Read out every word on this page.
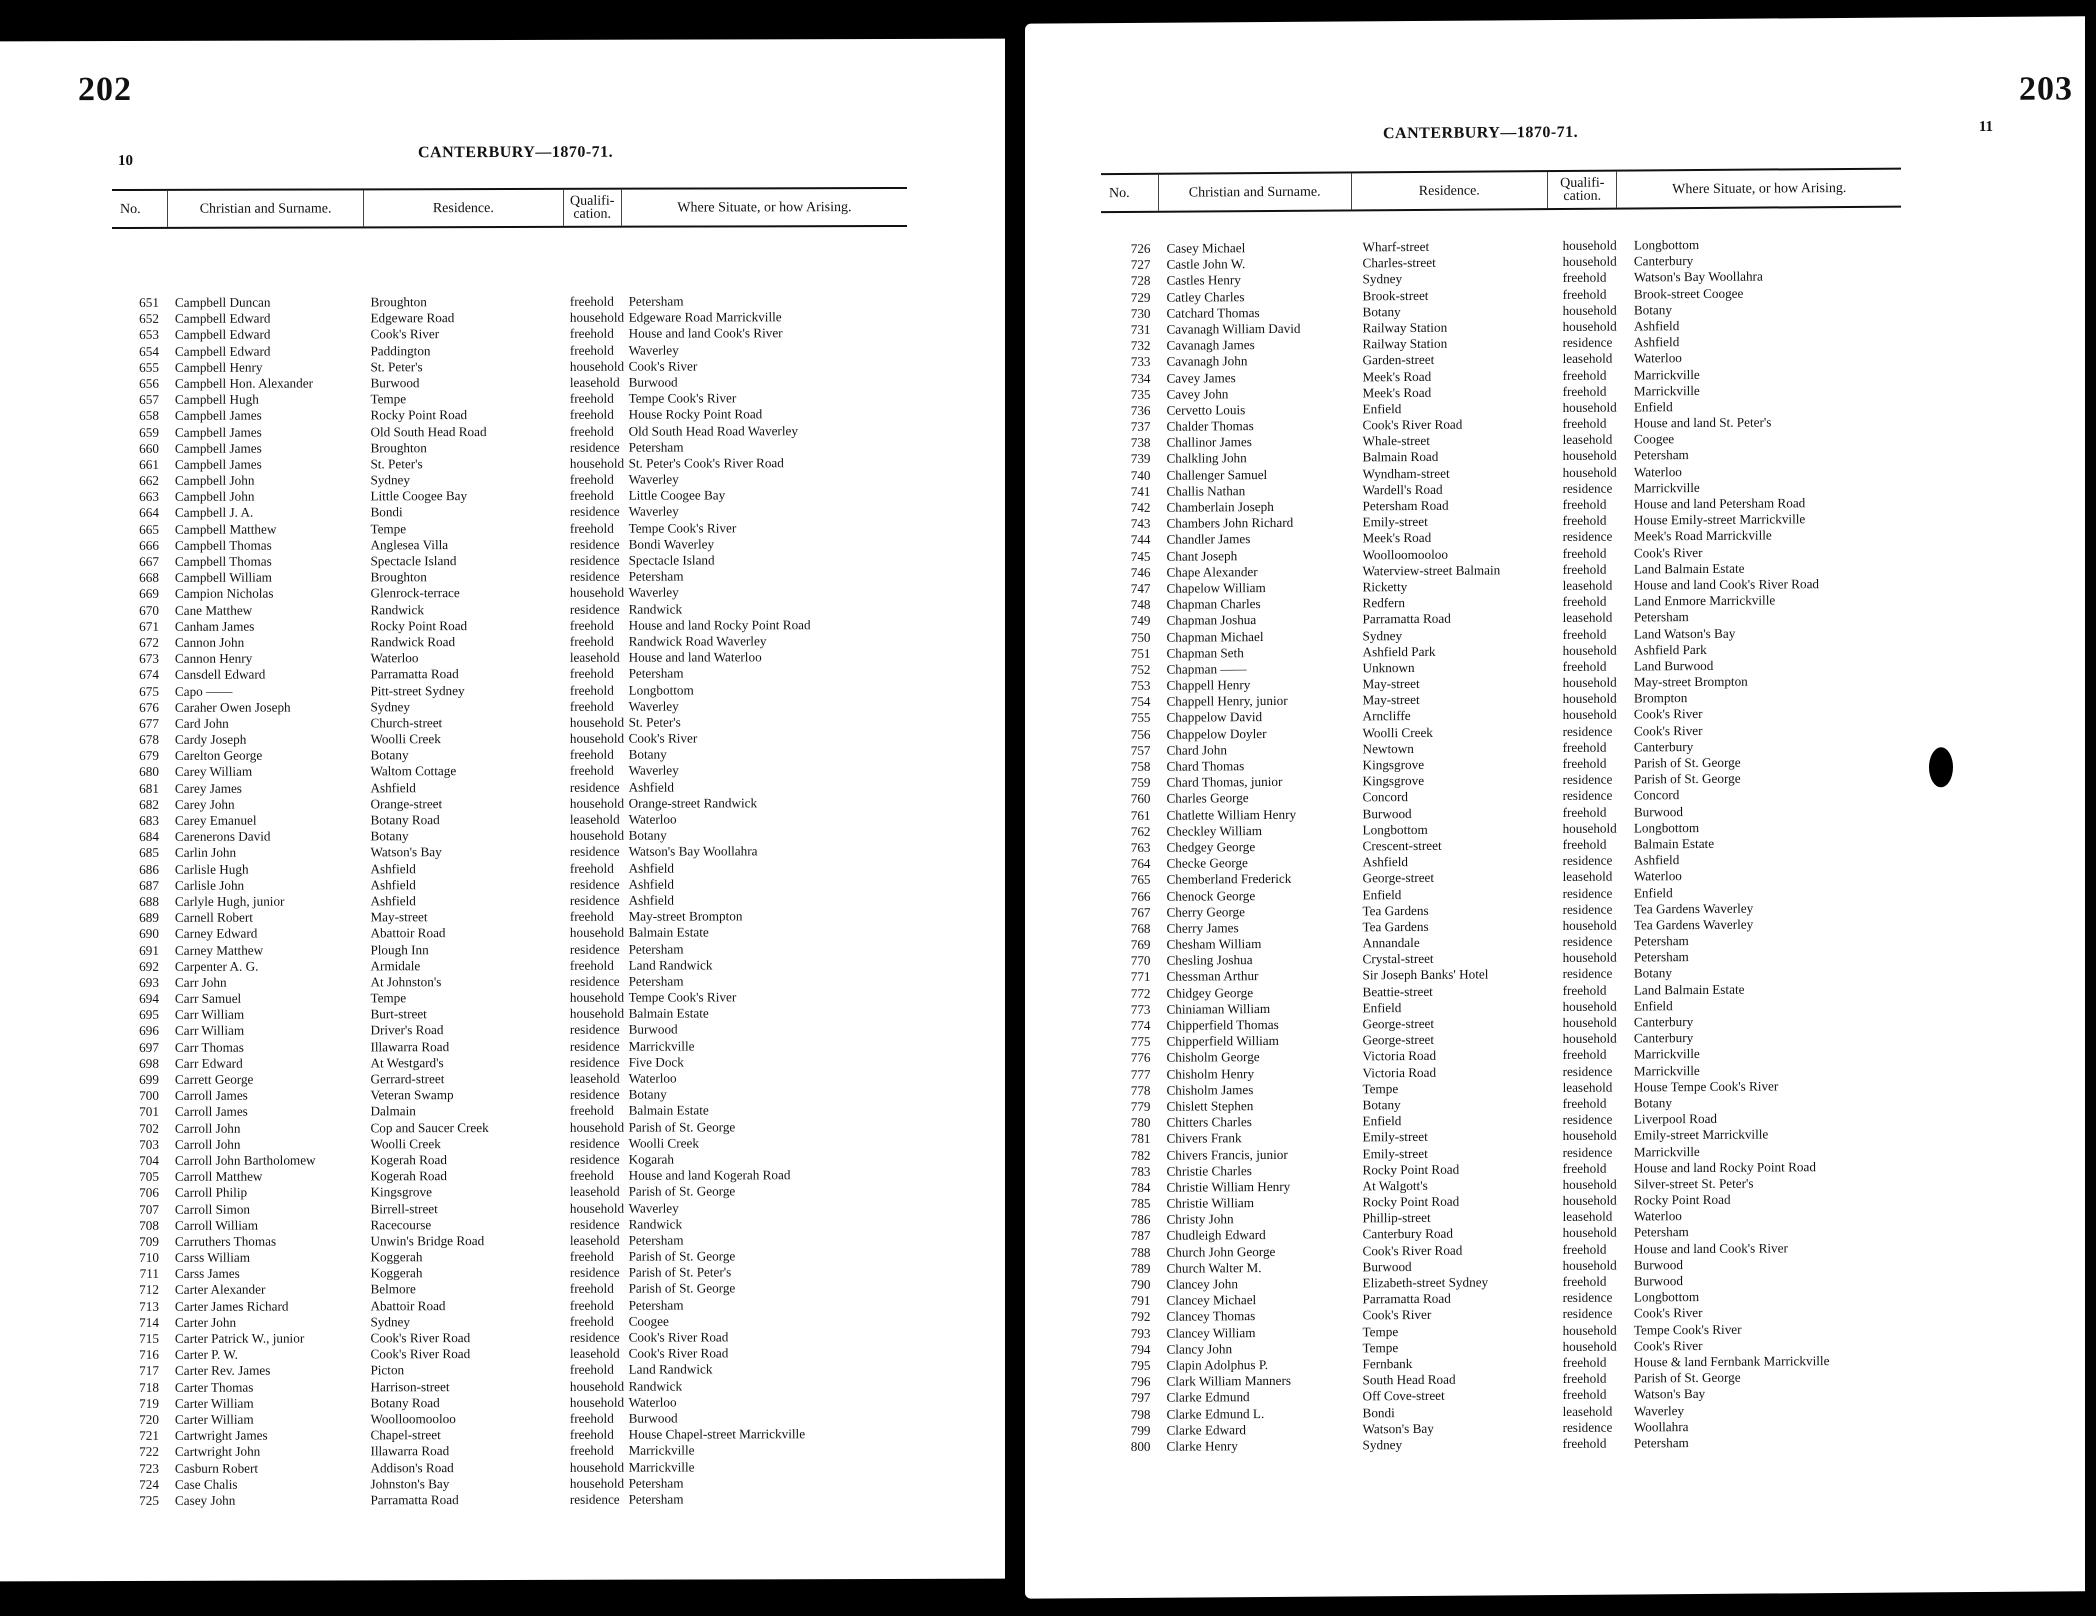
202
10	CANTERBURY—1870-71.
No.	Christian and Surname.	Residence.	Qualifi-cation.	Where Situate, or how Arising.
651	Campbell Duncan	Broughton	freehold	Petersham
652	Campbell Edward	Edgeware Road	household Edgeware Road Marrickville
653	Campbell Edward	Cook's River	freehold	House and land Cook's River
654	Campbell Edward	Paddington	freehold	Waverley
655	Campbell Henry	St. Peter's	household Cook's River
656	Campbell Hon. Alexander	Burwood	leasehold Burwood
657	Campbell Hugh	Tempe	freehold	Tempe Cook's River
658	Campbell James	Rocky Point Road	freehold	House Rocky Point Road
659	Campbell James	Old South Head Road	freehold	Old South Head Road Waverley
660	Campbell James	Broughton	residence Petersham
661	Campbell James	St. Peter's	household St. Peter's Cook's River Road
662	Campbell John	Sydney	freehold	Waverley
663	Campbell John	Little Coogee Bay	freehold	Little Coogee Bay
664	Campbell J. A.	Bondi	residence Waverley
665	Campbell Matthew	Tempe	freehold	Tempe Cook's River
666	Campbell Thomas	Anglesea Villa	residence Bondi Waverley
667	Campbell Thomas	Spectacle Island	residence Spectacle Island
668	Campbell William	Broughton	residence Petersham
669	Campion Nicholas	Glenrock-terrace	household Waverley
670	Cane Matthew	Randwick	residence Randwick
671	Canham James	Rocky Point Road	freehold	House and land Rocky Point Road
672	Cannon John	Randwick Road	freehold	Randwick Road Waverley
673	Cannon Henry	Waterloo	leasehold House and land Waterloo
674	Cansdell Edward	Parramatta Road	freehold	Petersham
675	Capo ——	Pitt-street Sydney	freehold	Longbottom
676	Caraher Owen Joseph	Sydney	freehold	Waverley
677	Card John	Church-street	household St. Peter's
678	Cardy Joseph	Woolli Creek	household Cook's River
679	Carelton George	Botany	freehold	Botany
680	Carey William	Waltom Cottage	freehold	Waverley
681	Carey James	Ashfield	residence Ashfield
682	Carey John	Orange-street	household Orange-street Randwick
683	Carey Emanuel	Botany Road	leasehold Waterloo
684	Carenerons David	Botany	household Botany
685	Carlin John	Watson's Bay	residence Watson's Bay Woollahra
686	Carlisle Hugh	Ashfield	freehold	Ashfield
687	Carlisle John	Ashfield	residence Ashfield
688	Carlyle Hugh, junior	Ashfield	residence Ashfield
689	Carnell Robert	May-street	freehold	May-street Brompton
690	Carney Edward	Abattoir Road	household Balmain Estate
691	Carney Matthew	Plough Inn	residence Petersham
692	Carpenter A. G.	Armidale	freehold	Land Randwick
693	Carr John	At Johnston's	residence Petersham
694	Carr Samuel	Tempe	household Tempe Cook's River
695	Carr William	Burt-street	household Balmain Estate
696	Carr William	Driver's Road	residence Burwood
697	Carr Thomas	Illawarra Road	residence Marrickville
698	Carr Edward	At Westgard's	residence Five Dock
699	Carrett George	Gerrard-street	leasehold Waterloo
700	Carroll James	Veteran Swamp	residence Botany
701	Carroll James	Dalmain	freehold	Balmain Estate
702	Carroll John	Cop and Saucer Creek	household Parish of St. George
703	Carroll John	Woolli Creek	residence Woolli Creek
704	Carroll John Bartholomew	Kogerah Road	residence Kogarah
705	Carroll Matthew	Kogerah Road	freehold	House and land Kogerah Road
706	Carroll Philip	Kingsgrove	leasehold Parish of St. George
707	Carroll Simon	Birrell-street	household Waverley
708	Carroll William	Racecourse	residence Randwick
709	Carruthers Thomas	Unwin's Bridge Road	leasehold Petersham
710	Carss William	Koggerah	freehold	Parish of St. George
711	Carss James	Koggerah	residence Parish of St. Peter's
712	Carter Alexander	Belmore	freehold	Parish of St. George
713	Carter James Richard	Abattoir Road	freehold	Petersham
714	Carter John	Sydney	freehold	Coogee
715	Carter Patrick W., junior	Cook's River Road	residence Cook's River Road
716	Carter P. W.	Cook's River Road	leasehold Cook's River Road
717	Carter Rev. James	Picton	freehold	Land Randwick
718	Carter Thomas	Harrison-street	household Randwick
719	Carter William	Botany Road	household Waterloo
720	Carter William	Woolloomooloo	freehold	Burwood
721	Cartwright James	Chapel-street	freehold	House Chapel-street Marrickville
722	Cartwright John	Illawarra Road	freehold	Marrickville
723	Casburn Robert	Addison's Road	household Marrickville
724	Case Chalis	Johnston's Bay	household Petersham
725	Casey John	Parramatta Road	residence Petersham
203
11
CANTERBURY—1870-71.
No.	Christian and Surname.	Residence.	Qualifi-cation.	Where Situate, or how Arising.
726	Casey Michael	Wharf-street	household	Longbottom
727	Castle John W.	Charles-street	household	Canterbury
728	Castles Henry	Sydney	freehold	Watson's Bay Woollahra
729	Catley Charles	Brook-street	freehold	Brook-street Coogee
730	Catchard Thomas	Botany	household	Botany
731	Cavanagh William David	Railway Station	household	Ashfield
732	Cavanagh James	Railway Station	residence	Ashfield
733	Cavanagh John	Garden-street	leasehold	Waterloo
734	Cavey James	Meek's Road	freehold	Marrickville
735	Cavey John	Meek's Road	freehold	Marrickville
736	Cervetto Louis	Enfield	household	Enfield
737	Chalder Thomas	Cook's River Road	freehold	House and land St. Peter's
738	Challinor James	Whale-street	leasehold	Coogee
739	Chalkling John	Balmain Road	household	Petersham
740	Challenger Samuel	Wyndham-street	household	Waterloo
741	Challis Nathan	Wardell's Road	residence	Marrickville
742	Chamberlain Joseph	Petersham Road	freehold	House and land Petersham Road
743	Chambers John Richard	Emily-street	freehold	House Emily-street Marrickville
744	Chandler James	Meek's Road	residence	Meek's Road Marrickville
745	Chant Joseph	Woolloomooloo	freehold	Cook's River
746	Chape Alexander	Waterview-street Balmain	freehold	Land Balmain Estate
747	Chapelow William	Ricketty	leasehold	House and land Cook's River Road
748	Chapman Charles	Redfern	freehold	Land Enmore Marrickville
749	Chapman Joshua	Parramatta Road	leasehold	Petersham
750	Chapman Michael	Sydney	freehold	Land Watson's Bay
751	Chapman Seth	Ashfield Park	household	Ashfield Park
752	Chapman ——	Unknown	freehold	Land Burwood
753	Chappell Henry	May-street	household	May-street Brompton
754	Chappell Henry, junior	May-street	household	Brompton
755	Chappelow David	Arncliffe	household	Cook's River
756	Chappelow Doyler	Woolli Creek	residence	Cook's River
757	Chard John	Newtown	freehold	Canterbury
758	Chard Thomas	Kingsgrove	freehold	Parish of St. George
759	Chard Thomas, junior	Kingsgrove	residence	Parish of St. George
760	Charles George	Concord	residence	Concord
761	Chatlette William Henry	Burwood	freehold	Burwood
762	Checkley William	Longbottom	household	Longbottom
763	Chedgey George	Crescent-street	freehold	Balmain Estate
764	Checke George	Ashfield	residence	Ashfield
765	Chemberland Frederick	George-street	leasehold	Waterloo
766	Chenock George	Enfield	residence	Enfield
767	Cherry George	Tea Gardens	residence	Tea Gardens Waverley
768	Cherry James	Tea Gardens	household	Tea Gardens Waverley
769	Chesham William	Annandale	residence	Petersham
770	Chesling Joshua	Crystal-street	household	Petersham
771	Chessman Arthur	Sir Joseph Banks' Hotel	residence	Botany
772	Chidgey George	Beattie-street	freehold	Land Balmain Estate
773	Chiniaman William	Enfield	household	Enfield
774	Chipperfield Thomas	George-street	household	Canterbury
775	Chipperfield William	George-street	household	Canterbury
776	Chisholm George	Victoria Road	freehold	Marrickville
777	Chisholm Henry	Victoria Road	residence	Marrickville
778	Chisholm James	Tempe	leasehold	House Tempe Cook's River
779	Chislett Stephen	Botany	freehold	Botany
780	Chitters Charles	Enfield	residence	Liverpool Road
781	Chivers Frank	Emily-street	household	Emily-street Marrickville
782	Chivers Francis, junior	Emily-street	residence	Marrickville
783	Christie Charles	Rocky Point Road	freehold	House and land Rocky Point Road
784	Christie William Henry	At Walgott's	household	Silver-street St. Peter's
785	Christie William	Rocky Point Road	household	Rocky Point Road
786	Christy John	Phillip-street	leasehold	Waterloo
787	Chudleigh Edward	Canterbury Road	household	Petersham
788	Church John George	Cook's River Road	freehold	House and land Cook's River
789	Church Walter M.	Burwood	household	Burwood
790	Clancey John	Elizabeth-street Sydney	freehold	Burwood
791	Clancey Michael	Parramatta Road	residence	Longbottom
792	Clancey Thomas	Cook's River	residence	Cook's River
793	Clancey William	Tempe	household	Tempe Cook's River
794	Clancy John	Tempe	household	Cook's River
795	Clapin Adolphus P.	Fernbank	freehold	House & land Fernbank Marrickville
796	Clark William Manners	South Head Road	freehold	Parish of St. George
797	Clarke Edmund	Off Cove-street	freehold	Watson's Bay
798	Clarke Edmund L.	Bondi	leasehold	Waverley
799	Clarke Edward	Watson's Bay	residence	Woollahra
800	Clarke Henry	Sydney	freehold	Petersham
